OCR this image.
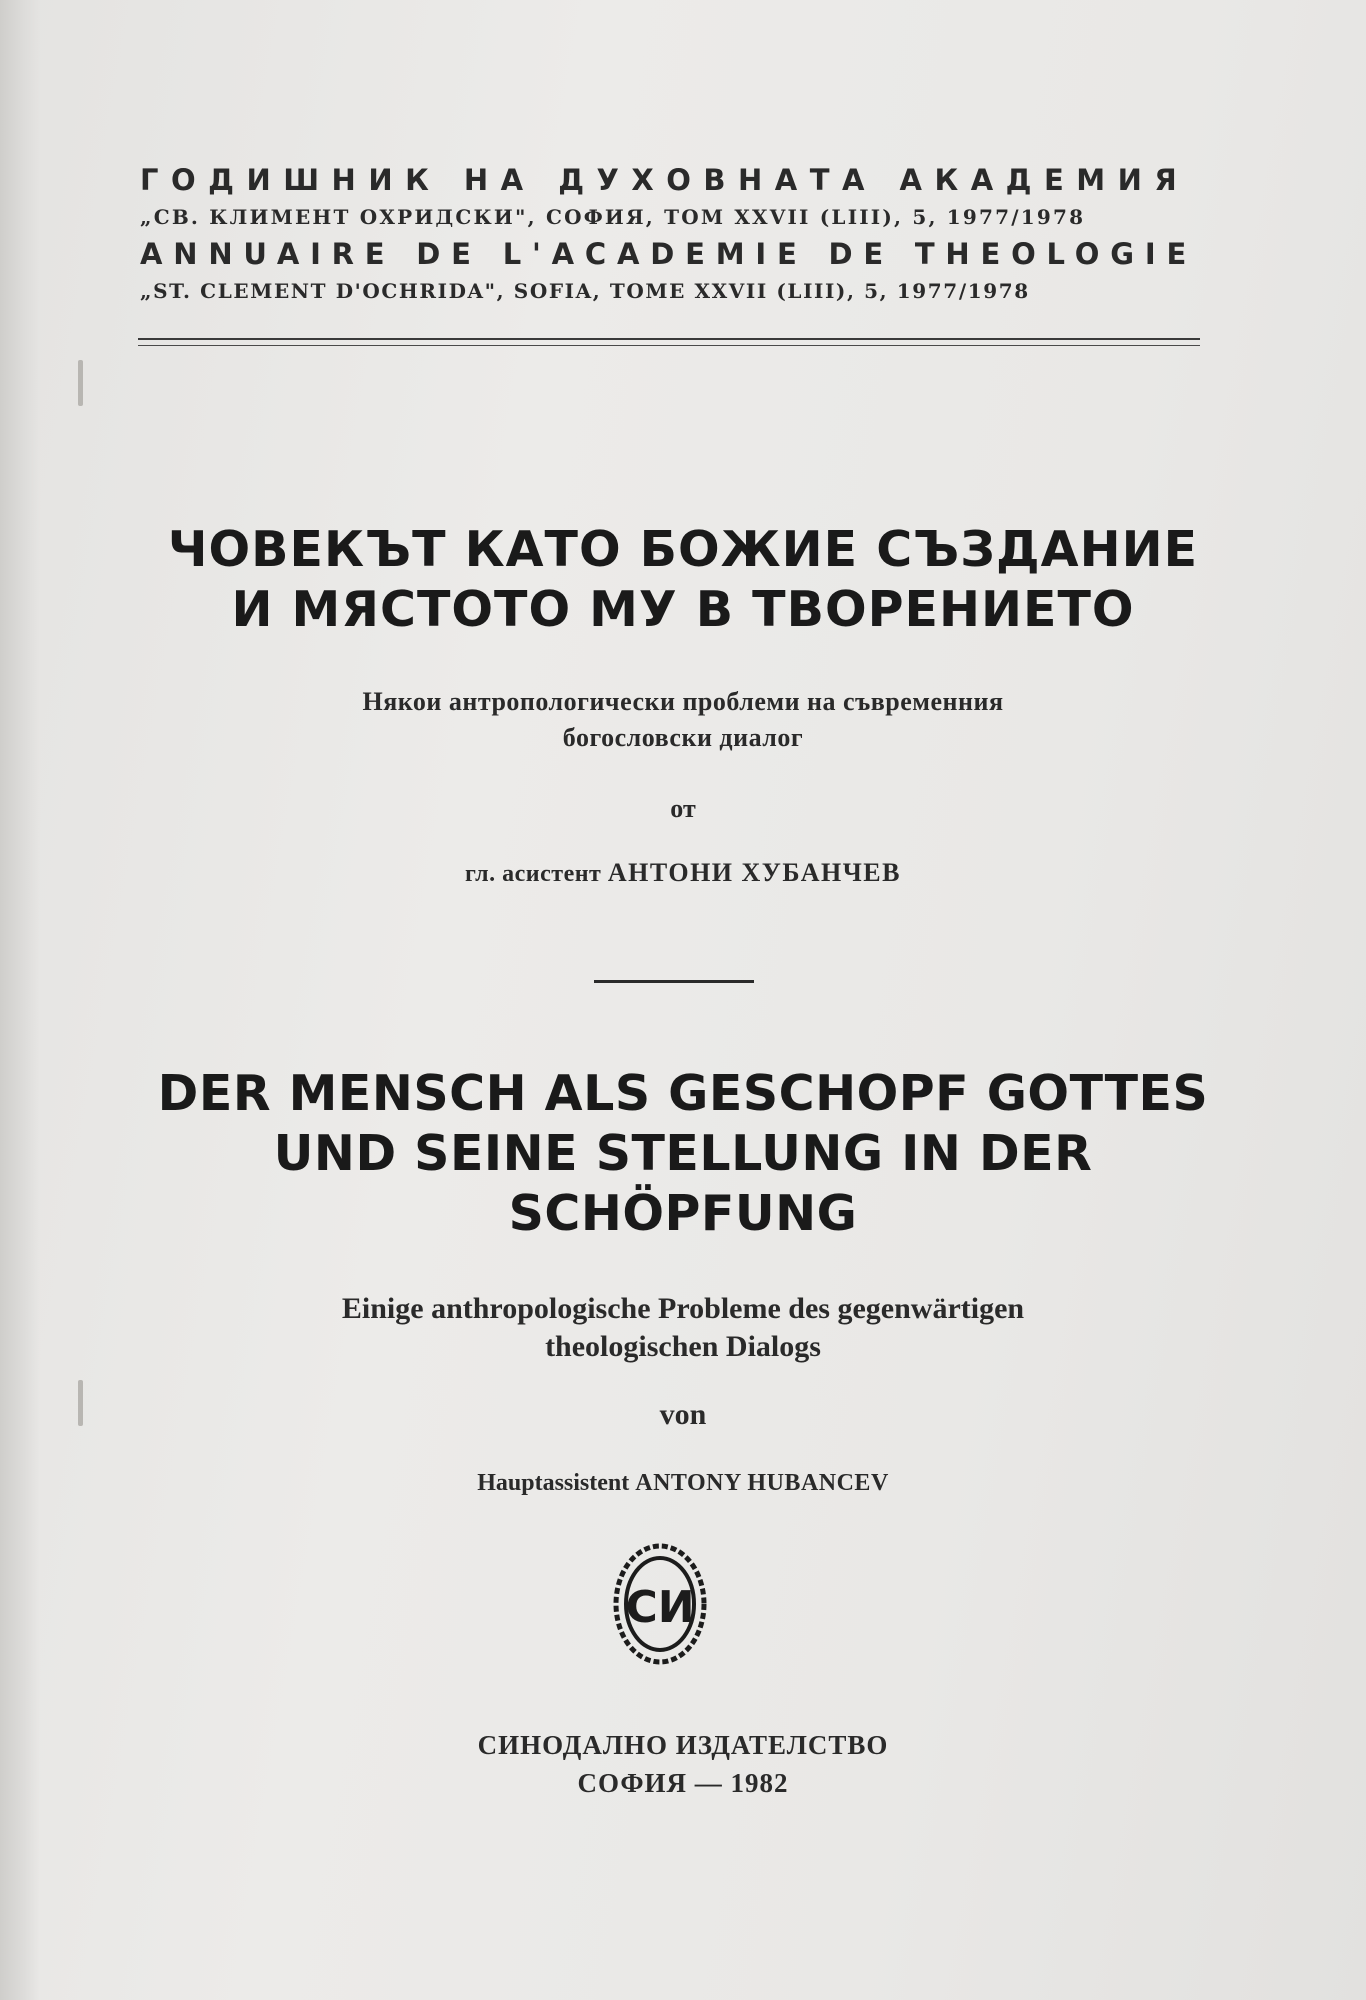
ГОДИШНИК НА ДУХОВНАТА АКАДЕМИЯ

„СВ. КЛИМЕНТ ОХРИДСКИ", СОФИЯ, ТОМ XXVII (LIII), 5, 1977/1978

ANNUAIRE DE L'ACADEMIE DE THEOLOGIE

„ST. CLEMENT D'OCHRIDA", SOFIA, TOME XXVII (LIII), 5, 1977/1978

ЧОВЕКЪТ КАТО БОЖИЕ СЪЗДАНИЕ
И МЯСТОТО МУ В ТВОРЕНИЕТО
Някои антропологически проблеми на съвременния
богословски диалог
от
гл. асистент АНТОНИ ХУБАНЧЕВ
DER MENSCH ALS GESCHOPF GOTTES
UND SEINE STELLUNG IN DER
SCHÖPFUNG
Einige anthropologische Probleme des gegenwärtigen
theologischen Dialogs
von
Hauptassistent ANTONY HUBANCEV
СИ
СИНОДАЛНО ИЗДАТЕЛСТВО
СОФИЯ — 1982
